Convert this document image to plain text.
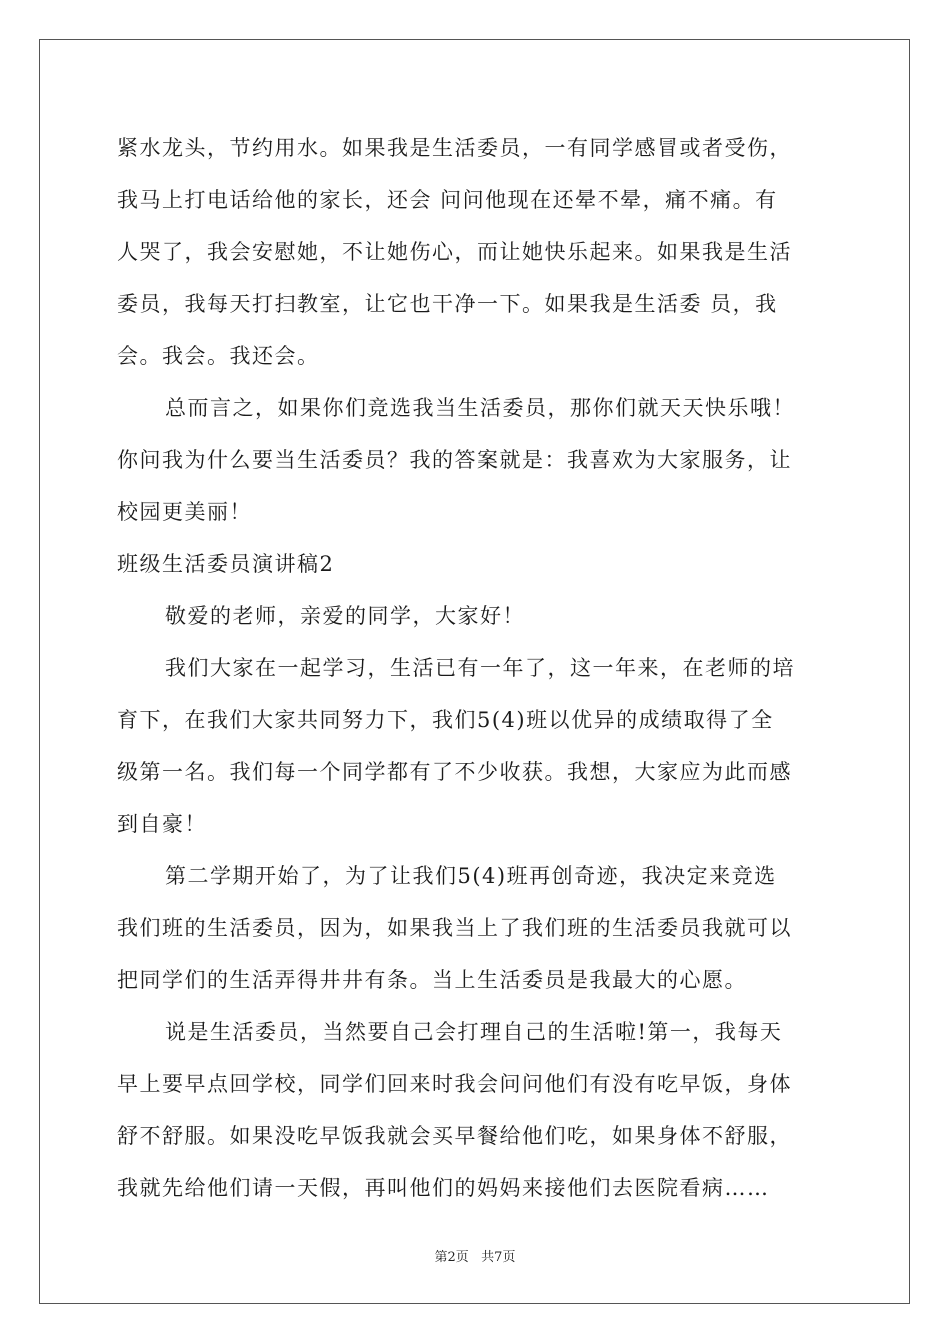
紧水龙头，节约用水。如果我是生活委员，一有同学感冒或者受伤，
我马上打电话给他的家长，还会 问问他现在还晕不晕，痛不痛。有
人哭了，我会安慰她，不让她伤心，而让她快乐起来。如果我是生活
委员，我每天打扫教室，让它也干净一下。如果我是生活委 员，我
会。我会。我还会。
总而言之，如果你们竞选我当生活委员，那你们就天天快乐哦！
你问我为什么要当生活委员？我的答案就是：我喜欢为大家服务，让
校园更美丽！
班级生活委员演讲稿2
敬爱的老师，亲爱的同学，大家好！
我们大家在一起学习，生活已有一年了，这一年来，在老师的培
育下，在我们大家共同努力下，我们5(4)班以优异的成绩取得了全
级第一名。我们每一个同学都有了不少收获。我想，大家应为此而感
到自豪！
第二学期开始了，为了让我们5(4)班再创奇迹，我决定来竞选
我们班的生活委员，因为，如果我当上了我们班的生活委员我就可以
把同学们的生活弄得井井有条。当上生活委员是我最大的心愿。
说是生活委员，当然要自己会打理自己的生活啦!第一，我每天
早上要早点回学校，同学们回来时我会问问他们有没有吃早饭，身体
舒不舒服。如果没吃早饭我就会买早餐给他们吃，如果身体不舒服，
我就先给他们请一天假，再叫他们的妈妈来接他们去医院看病……
第2页   共7页
